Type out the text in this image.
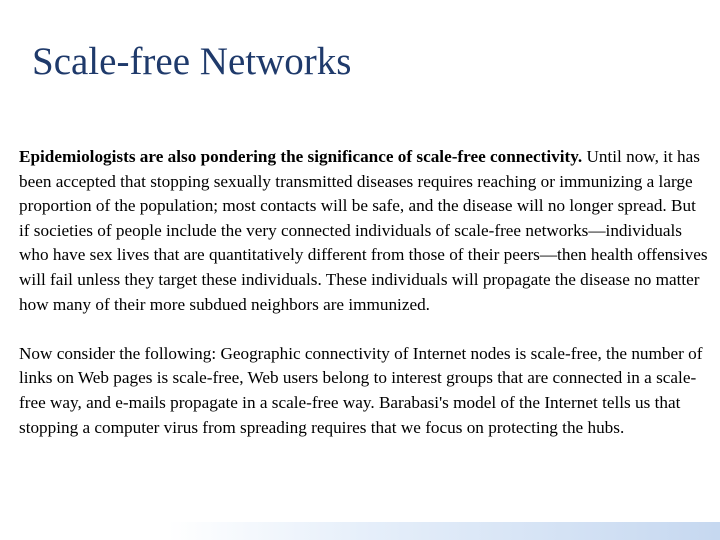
Scale-free Networks

Epidemiologists are also pondering the significance of scale-free connectivity. Until now, it has been accepted that stopping sexually transmitted diseases requires reaching or immunizing a large proportion of the population; most contacts will be safe, and the disease will no longer spread. But if societies of people include the very connected individuals of scale-free networks—individuals who have sex lives that are quantitatively different from those of their peers—then health offensives will fail unless they target these individuals. These individuals will propagate the disease no matter how many of their more subdued neighbors are immunized.

Now consider the following: Geographic connectivity of Internet nodes is scale-free, the number of links on Web pages is scale-free, Web users belong to interest groups that are connected in a scale-free way, and e-mails propagate in a scale-free way. Barabasi's model of the Internet tells us that stopping a computer virus from spreading requires that we focus on protecting the hubs.
